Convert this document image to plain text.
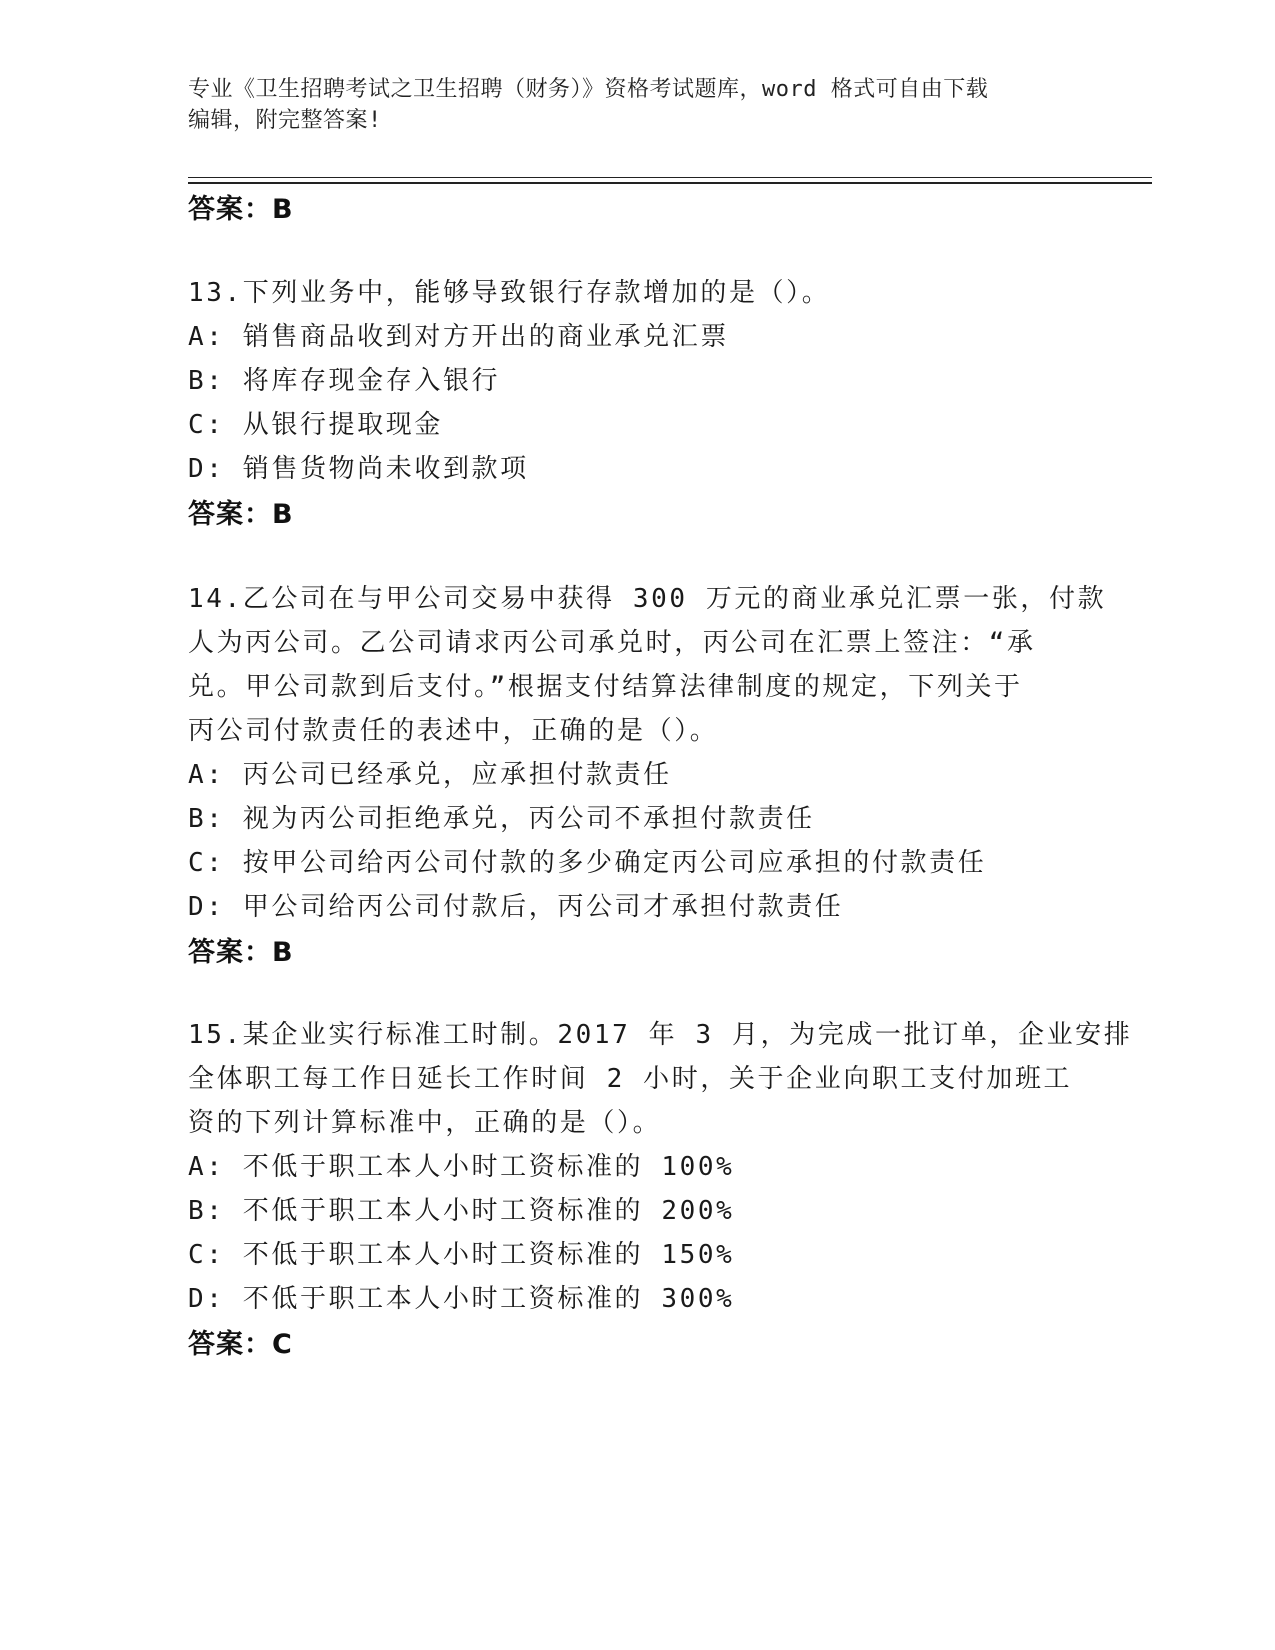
专业《卫生招聘考试之卫生招聘（财务）》资格考试题库，word 格式可自由下载
编辑，附完整答案!
答案：B
13.下列业务中，能够导致银行存款增加的是（）。
A: 销售商品收到对方开出的商业承兑汇票
B: 将库存现金存入银行
C: 从银行提取现金
D: 销售货物尚未收到款项
答案：B
14.乙公司在与甲公司交易中获得 300 万元的商业承兑汇票一张，付款
人为丙公司。乙公司请求丙公司承兑时，丙公司在汇票上签注：“承
兑。甲公司款到后支付。”根据支付结算法律制度的规定，下列关于
丙公司付款责任的表述中，正确的是（）。
A: 丙公司已经承兑，应承担付款责任
B: 视为丙公司拒绝承兑，丙公司不承担付款责任
C: 按甲公司给丙公司付款的多少确定丙公司应承担的付款责任
D: 甲公司给丙公司付款后，丙公司才承担付款责任
答案：B
15.某企业实行标准工时制。2017 年 3 月，为完成一批订单，企业安排
全体职工每工作日延长工作时间 2 小时，关于企业向职工支付加班工
资的下列计算标准中，正确的是（）。
A: 不低于职工本人小时工资标准的 100%
B: 不低于职工本人小时工资标准的 200%
C: 不低于职工本人小时工资标准的 150%
D: 不低于职工本人小时工资标准的 300%
答案：C
